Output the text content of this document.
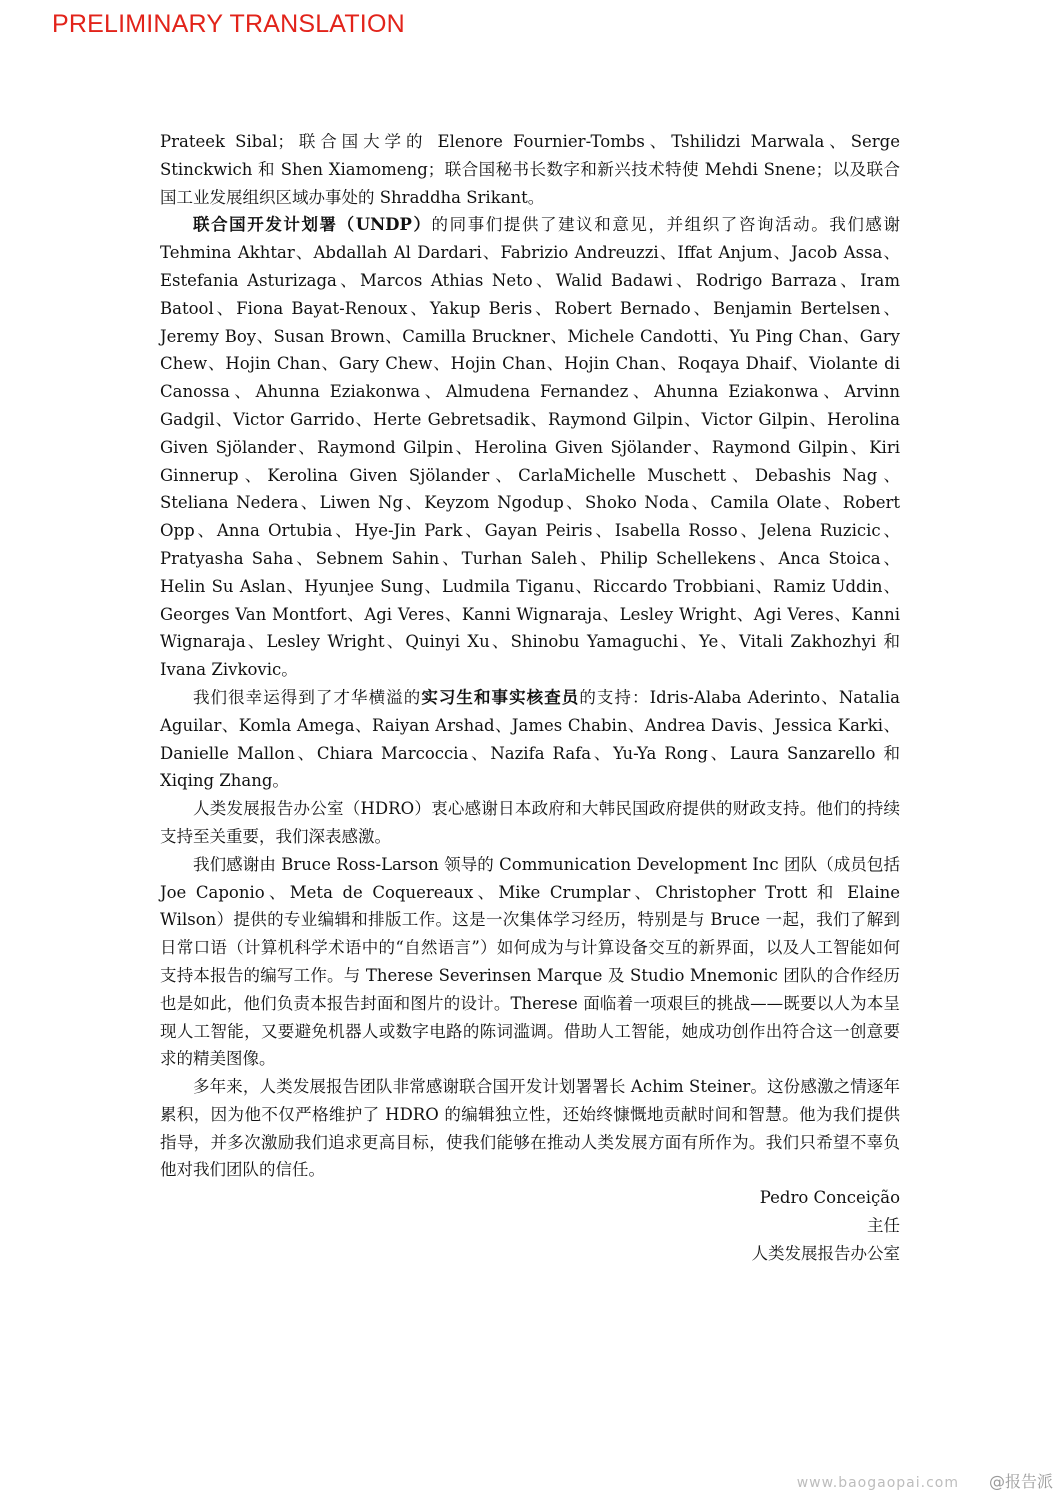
PRELIMINARY TRANSLATION

Prateek Sibal；联合国大学的 Elenore Fournier-Tombs、Tshilidzi Marwala、Serge Stinckwich 和 Shen Xiamomeng；联合国秘书长数字和新兴技术特使 Mehdi Snene；以及联合国工业发展组织区域办事处的 Shraddha Srikant。

联合国开发计划署（UNDP）的同事们提供了建议和意见，并组织了咨询活动。我们感谢 Tehmina Akhtar、Abdallah Al Dardari、Fabrizio Andreuzzi、Iffat Anjum、Jacob Assa、Estefania Asturizaga、Marcos Athias Neto、Walid Badawi、Rodrigo Barraza、Iram Batool、Fiona Bayat-Renoux、Yakup Beris、Robert Bernado、Benjamin Bertelsen、Jeremy Boy、Susan Brown、Camilla Bruckner、Michele Candotti、Yu Ping Chan、Gary Chew、Hojin Chan、Gary Chew、Hojin Chan、Hojin Chan、Roqaya Dhaif、Violante di Canossa、Ahunna Eziakonwa、Almudena Fernandez、Ahunna Eziakonwa、Arvinn Gadgil、Victor Garrido、Herte Gebretsadik、Raymond Gilpin、Victor Gilpin、Herolina Given Sjölander、Raymond Gilpin、Herolina Given Sjölander、Raymond Gilpin、Kiri Ginnerup、Kerolina Given Sjölander、CarlaMichelle Muschett、Debashis Nag、Steliana Nedera、Liwen Ng、Keyzom Ngodup、Shoko Noda、Camila Olate、Robert Opp、Anna Ortubia、Hye-Jin Park、Gayan Peiris、Isabella Rosso、Jelena Ruzicic、Pratyasha Saha、Sebnem Sahin、Turhan Saleh、Philip Schellekens、Anca Stoica、Helin Su Aslan、Hyunjee Sung、Ludmila Tiganu、Riccardo Trobbiani、Ramiz Uddin、Georges Van Montfort、Agi Veres、Kanni Wignaraja、Lesley Wright、Agi Veres、Kanni Wignaraja、Lesley Wright、Quinyi Xu、Shinobu Yamaguchi、Ye、Vitali Zakhozhyi 和 Ivana Zivkovic。

我们很幸运得到了才华横溢的实习生和事实核查员的支持：Idris-Alaba Aderinto、Natalia Aguilar、Komla Amega、Raiyan Arshad、James Chabin、Andrea Davis、Jessica Karki、Danielle Mallon、Chiara Marcoccia、Nazifa Rafa、Yu-Ya Rong、Laura Sanzarello 和 Xiqing Zhang。

人类发展报告办公室（HDRO）衷心感谢日本政府和大韩民国政府提供的财政支持。他们的持续支持至关重要，我们深表感激。

我们感谢由 Bruce Ross-Larson 领导的 Communication Development Inc 团队（成员包括 Joe Caponio、Meta de Coquereaux、Mike Crumplar、Christopher Trott 和 Elaine Wilson）提供的专业编辑和排版工作。这是一次集体学习经历，特别是与 Bruce 一起，我们了解到日常口语（计算机科学术语中的“自然语言”）如何成为与计算设备交互的新界面，以及人工智能如何支持本报告的编写工作。与 Therese Severinsen Marque 及 Studio Mnemonic 团队的合作经历也是如此，他们负责本报告封面和图片的设计。Therese 面临着一项艰巨的挑战——既要以人为本呈现人工智能，又要避免机器人或数字电路的陈词滥调。借助人工智能，她成功创作出符合这一创意要求的精美图像。

多年来，人类发展报告团队非常感谢联合国开发计划署署长 Achim Steiner。这份感激之情逐年累积，因为他不仅严格维护了 HDRO 的编辑独立性，还始终慷慨地贡献时间和智慧。他为我们提供指导，并多次激励我们追求更高目标，使我们能够在推动人类发展方面有所作为。我们只希望不辜负他对我们团队的信任。

Pedro Conceição

主任

人类发展报告办公室

www.baogaopai.com @报告派
